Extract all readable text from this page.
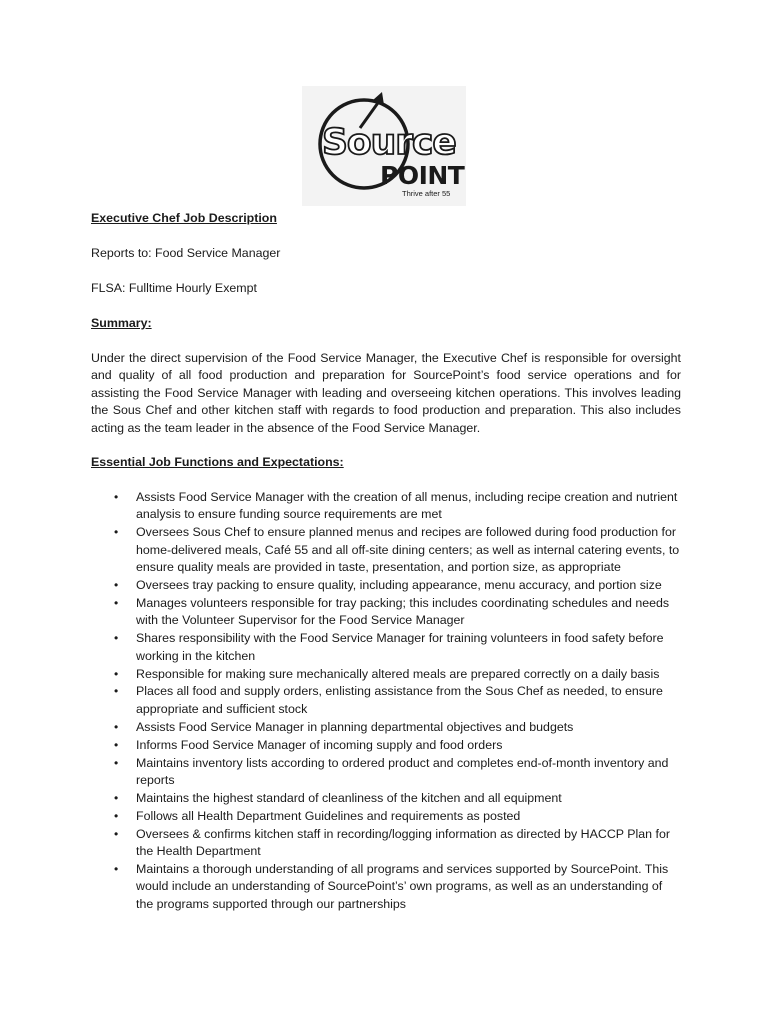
Source
POINT
Thrive after 55
Executive Chef Job Description
Reports to: Food Service Manager
FLSA: Fulltime Hourly Exempt
Summary:
Under the direct supervision of the Food Service Manager, the Executive Chef is responsible for oversight and quality of all food production and preparation for SourcePoint’s food service operations and for assisting the Food Service Manager with leading and overseeing kitchen operations. This involves leading the Sous Chef and other kitchen staff with regards to food production and preparation. This also includes acting as the team leader in the absence of the Food Service Manager.
Essential Job Functions and Expectations:
• Assists Food Service Manager with the creation of all menus, including recipe creation and nutrient analysis to ensure funding source requirements are met
• Oversees Sous Chef to ensure planned menus and recipes are followed during food production for home-delivered meals, Café 55 and all off-site dining centers; as well as internal catering events, to ensure quality meals are provided in taste, presentation, and portion size, as appropriate
• Oversees tray packing to ensure quality, including appearance, menu accuracy, and portion size
• Manages volunteers responsible for tray packing; this includes coordinating schedules and needs with the Volunteer Supervisor for the Food Service Manager
• Shares responsibility with the Food Service Manager for training volunteers in food safety before working in the kitchen
• Responsible for making sure mechanically altered meals are prepared correctly on a daily basis
• Places all food and supply orders, enlisting assistance from the Sous Chef as needed, to ensure appropriate and sufficient stock
• Assists Food Service Manager in planning departmental objectives and budgets
• Informs Food Service Manager of incoming supply and food orders
• Maintains inventory lists according to ordered product and completes end-of-month inventory and reports
• Maintains the highest standard of cleanliness of the kitchen and all equipment
• Follows all Health Department Guidelines and requirements as posted
• Oversees & confirms kitchen staff in recording/logging information as directed by HACCP Plan for the Health Department
• Maintains a thorough understanding of all programs and services supported by SourcePoint. This would include an understanding of SourcePoint’s’ own programs, as well as an understanding of the programs supported through our partnerships
